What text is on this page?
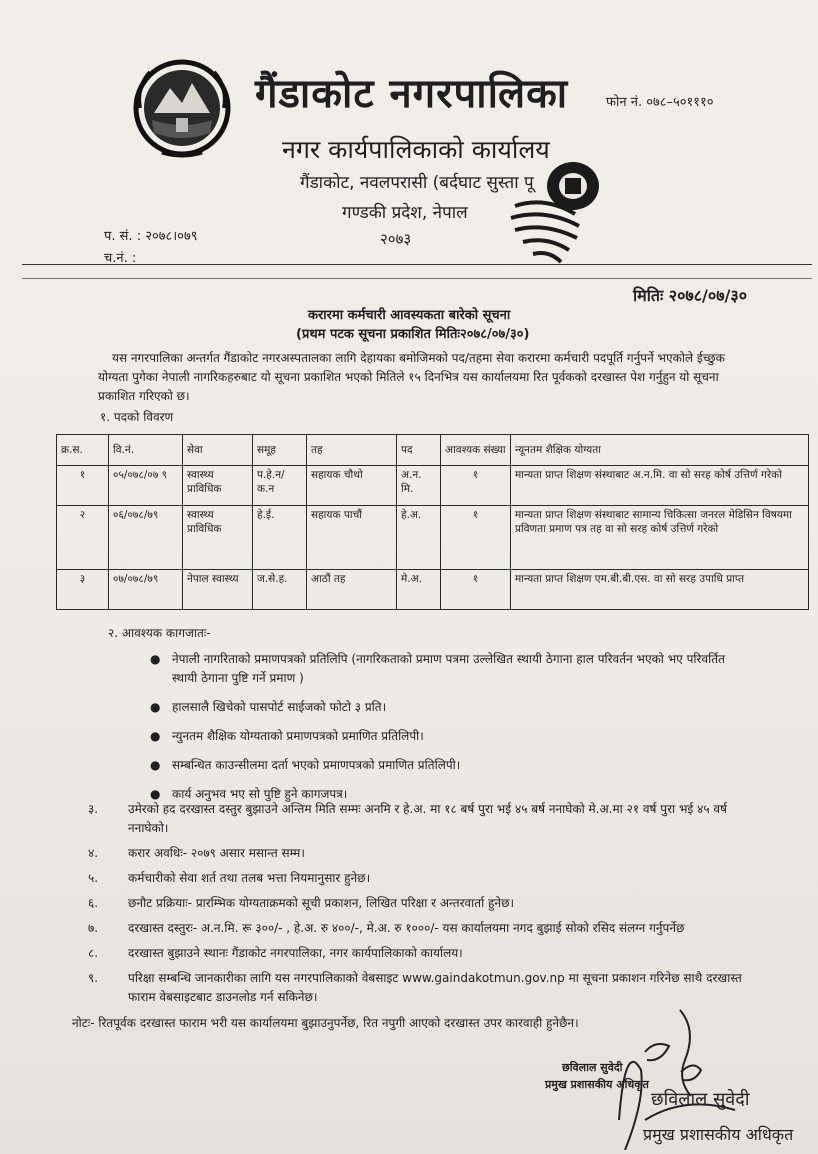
गैंडाकोट नगरपालिका	फोन नं. ०७८–५०१११०
नगर कार्यपालिकाको कार्यालय
गैंडाकोट, नवलपरासी (बर्दघाट सुस्ता पू
गण्डकी प्रदेश, नेपाल
२०७३
प. सं. : २०७८।०७९
च.नं. :
मितिः २०७८/०७/३०
करारमा कर्मचारी आवस्यकता बारेको सूचना
(प्रथम पटक सूचना प्रकाशित मितिः२०७८/०७/३०)
यस नगरपालिका अन्तर्गत गैंडाकोट नगरअस्पतालका लागि देहायका बमोजिमको पद/तहमा सेवा करारमा कर्मचारी पदपूर्ति गर्नुपर्ने भएकोले ईच्छुक योग्यता पुगेका नेपाली नागरिकहरुबाट यो सूचना प्रकाशित भएको मितिले १५ दिनभित्र यस कार्यालयमा रित पूर्वकको दरखास्त पेश गर्नुहुन यो सूचना प्रकाशित गरिएको छ।
१. पदको विवरण
क्र.स.	वि.नं.	सेवा	समूह	तह	पद	आवश्यक संख्या	न्यूनतम शैक्षिक योग्यता
१	०५/०७८/०७ ९	स्वास्थ्य प्राविधिक	प.हे.न/ क.न	सहायक चौथो	अ.न. मि.	१	मान्यता प्राप्त शिक्षण संस्थाबाट अ.न.मि. वा सो सरह कोर्ष उत्तिर्ण गरेको
२	०६/०७८/७९	स्वास्थ्य प्राविधिक	हे.ई.	सहायक पाचौं	हे.अ.	१	मान्यता प्राप्त शिक्षण संस्थाबाट सामान्य चिकित्सा जनरल मेडिसिन विषयमा प्रविणता प्रमाण पत्र तह वा सो सरह कोर्ष उत्तिर्ण गरेको
३	०७/०७८/७९	नेपाल स्वास्थ्य	ज.से.ह.	आठौं तह	मे.अ.	१	मान्यता प्राप्त शिक्षण एम.बी.बी.एस. वा सो सरह उपाधि प्राप्त
२. आवश्यक कागजातः-
● नेपाली नागरिताको प्रमाणपत्रको प्रतिलिपि (नागरिकताको प्रमाण पत्रमा उल्लेखित स्थायी ठेगाना हाल परिवर्तन भएको भए परिवर्तित स्थायी ठेगाना पुष्टि गर्ने प्रमाण )
● हालसालै खिचेको पासपोर्ट साईजको फोटो ३ प्रति।
● न्युनतम शैक्षिक योग्यताको प्रमाणपत्रको प्रमाणित प्रतिलिपी।
● सम्बन्धित काउन्सीलमा दर्ता भएको प्रमाणपत्रको प्रमाणित प्रतिलिपी।
● कार्य अनुभव भए सो पुष्टि हुने कागजपत्र।
३. उमेरको हद दरखास्त दस्तुर बुझाउने अन्तिम मिति सम्मः अनमि र हे.अ. मा १८ बर्ष पुरा भई ४५ बर्ष ननाघेको मे.अ.मा २१ वर्ष पुरा भई ४५ वर्ष ननाघेको।
४. करार अवधिः- २०७९ असार मसान्त सम्म।
५. कर्मचारीको सेवा शर्त तथा तलब भत्ता नियमानुसार हुनेछ।
६. छनौट प्रक्रियाः- प्रारम्भिक योग्यताक्रमको सूची प्रकाशन, लिखित परिक्षा र अन्तरवार्ता हुनेछ।
७. दरखास्त दस्तुरः- अ.न.मि. रू ३००/- , हे.अ. रु ४००/-, मे.अ. रु १०००/- यस कार्यालयमा नगद बुझाई सोको रसिद संलग्न गर्नुपर्नेछ
८. दरखास्त बुझाउने स्थानः गैंडाकोट नगरपालिका, नगर कार्यपालिकाको कार्यालय।
९. परिक्षा सम्बन्धि जानकारीका लागि यस नगरपालिकाको वेबसाइट www.gaindakotmun.gov.np मा सूचना प्रकाशन गरिनेछ साथै दरखास्त फाराम वेबसाइटबाट डाउनलोड गर्न सकिनेछ।
नोटः- रितपूर्वक दरखास्त फाराम भरी यस कार्यालयमा बुझाउनुपर्नेछ, रित नपुगी आएको दरखास्त उपर कारवाही हुनेछैन।
छविलाल सुवेदी
प्रमुख प्रशासकीय अधिकृत
छविलाल सुवेदी
प्रमुख प्रशासकीय अधिकृत
